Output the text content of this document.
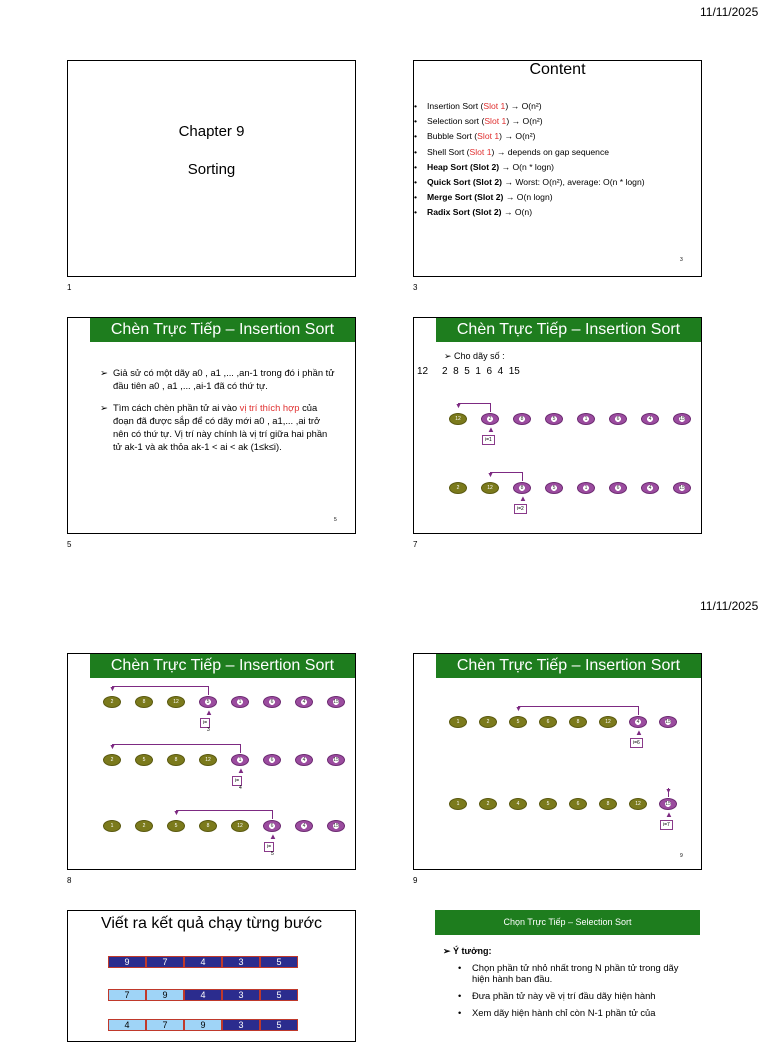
11/11/2025
11/11/2025
Chapter 9
Sorting
1
Content
•	Insertion Sort (Slot 1) → O(n²)
•	Selection sort (Slot 1) → O(n²)
•	Bubble Sort (Slot 1) → O(n²)
•	Shell Sort (Slot 1) → depends on gap sequence
•	Heap Sort (Slot 2) → O(n * logn)
•	Quick Sort (Slot 2) → Worst: O(n²), average: O(n * logn)
•	Merge Sort (Slot 2) → O(n logn)
•	Radix Sort (Slot 2) → O(n)
3
3
Chèn Trực Tiếp – Insertion Sort
➢ Giả sử có một dãy a0 , a1 ,... ,an-1 trong đó i phần tử đầu tiên a0 , a1 ,... ,ai-1 đã có thứ tự.
➢ Tìm cách chèn phần tử ai vào vị trí thích hợp của đoạn đã được sắp để có dãy mới a0 , a1,... ,ai trở nên có thứ tự. Vị trí này chính là vị trí giữa hai phần tử ak-1 và ak thỏa ak-1 < ai < ak (1≤k≤i).
5
5
Chèn Trực Tiếp – Insertion Sort
➢ Cho dãy số :
12     2  8  5  1  6  4  15
12	2	8	5	1	6	4	15
▼
▲
i=1
2	12	8	5	1	6	4	15
▼
▲
i=2
7
Chèn Trực Tiếp – Insertion Sort
2	8	12	5	1	6	4	15
▼
▲
i=
3
2	5	8	12	1	6	4	15
▼
▲
i=
4
1	2	5	8	12	6	4	15
▼
▲
i=
5
8
Chèn Trực Tiếp – Insertion Sort
1	2	5	6	8	12	4	15
▼
▲
i=6
1	2	4	5	6	8	12	15
▼
▲
i=7
9
9
Viết ra kết quả chạy từng bước
9	7	4	3	5
7	9	4	3	5
4	7	9	3	5
Chọn Trực Tiếp – Selection Sort
➢ Ý tưởng:
•	Chọn phần tử nhỏ nhất trong N phần tử trong dãy hiện hành ban đầu.
•	Đưa phần tử này về vị trí đầu dãy hiện hành
•	Xem dãy hiện hành chỉ còn N-1 phần tử của
